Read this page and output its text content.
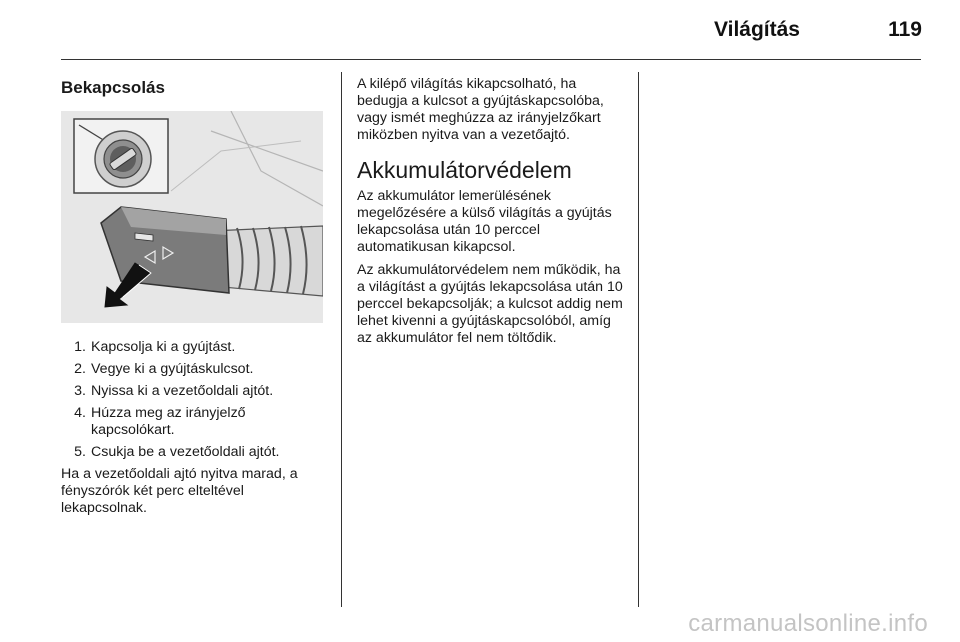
Világítás	119
Bekapcsolás
1. Kapcsolja ki a gyújtást.
2. Vegye ki a gyújtáskulcsot.
3. Nyissa ki a vezetőoldali ajtót.
4. Húzza meg az irányjelző kapcsolókart.
5. Csukja be a vezetőoldali ajtót.

Ha a vezetőoldali ajtó nyitva marad, a fényszórók két perc elteltével lekapcsolnak.

A kilépő világítás kikapcsolható, ha bedugja a kulcsot a gyújtáskapcsolóba, vagy ismét meghúzza az irányjelzőkart miközben nyitva van a vezetőajtó.

Akkumulátorvédelem

Az akkumulátor lemerülésének megelőzésére a külső világítás a gyújtás lekapcsolása után 10 perccel automatikusan kikapcsol.

Az akkumulátorvédelem nem működik, ha a világítást a gyújtás lekapcsolása után 10 perccel bekapcsolják; a kulcsot addig nem lehet kivenni a gyújtáskapcsolóból, amíg az akkumulátor fel nem töltődik.

carmanualsonline.info
